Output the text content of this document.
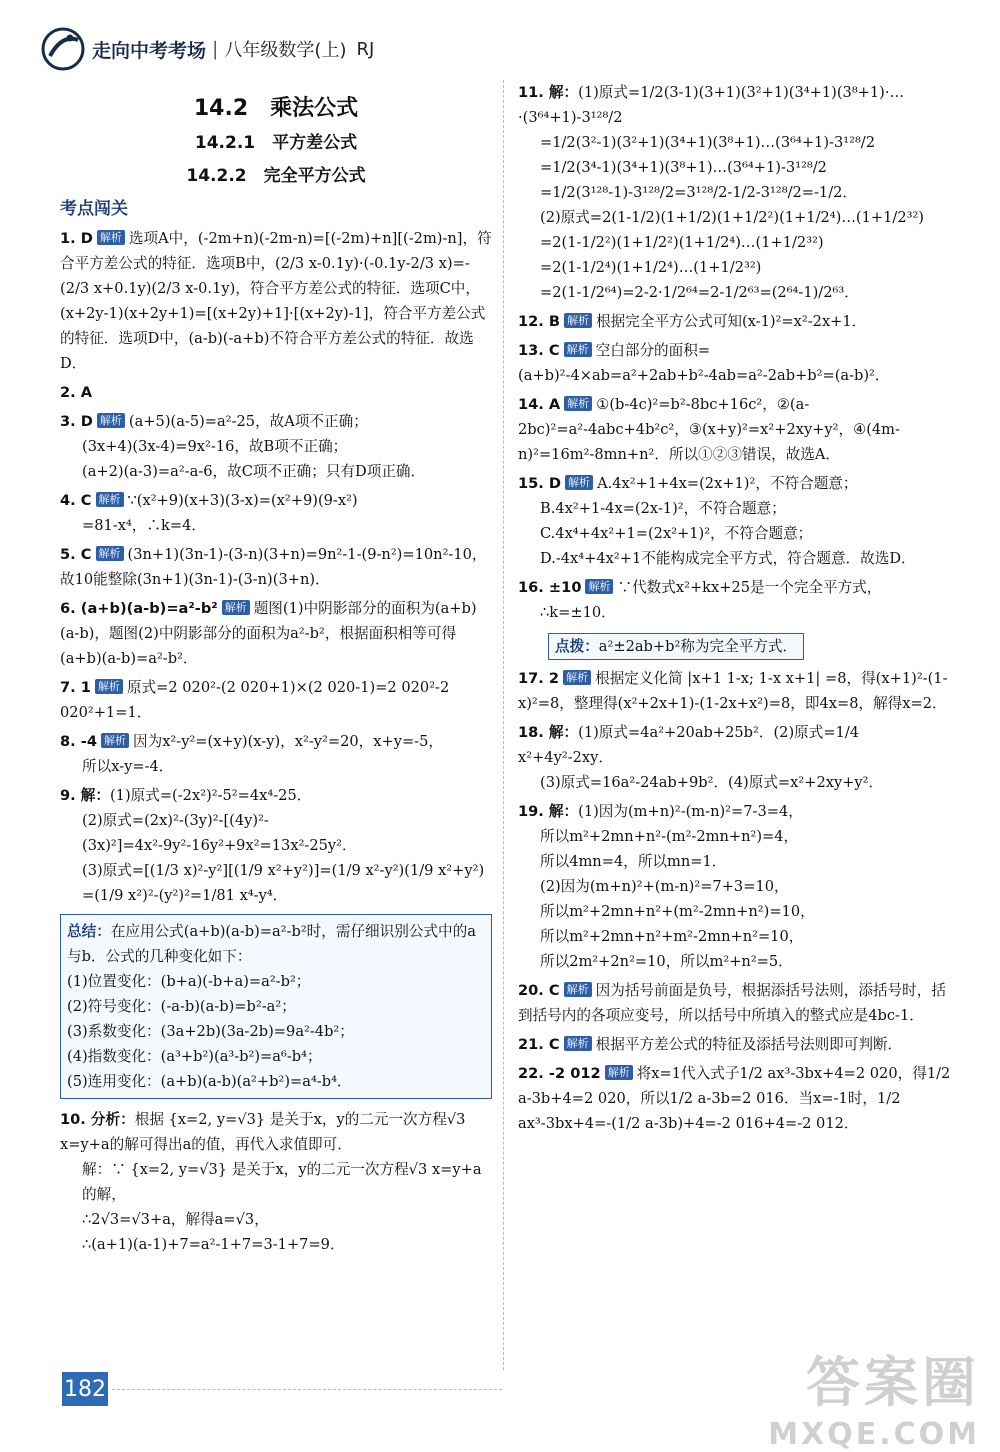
走向中考考场 | 八年级数学(上) RJ
14.2　乘法公式
14.2.1　平方差公式
14.2.2　完全平方公式
考点闯关
1. D 解析 选项A中，(-2m+n)(-2m-n)=[(-2m)+n][(-2m)-n]，符合平方差公式的特征．选项B中，(2/3 x-0.1y)·(-0.1y-2/3 x)=-(2/3 x+0.1y)(2/3 x-0.1y)，符合平方差公式的特征．选项C中，(x+2y-1)(x+2y+1)=[(x+2y)+1]·[(x+2y)-1]，符合平方差公式的特征．选项D中，(a-b)(-a+b)不符合平方差公式的特征．故选D．
2. A
3. D 解析 (a+5)(a-5)=a²-25，故A项不正确；
(3x+4)(3x-4)=9x²-16，故B项不正确；
(a+2)(a-3)=a²-a-6，故C项不正确；只有D项正确．
4. C 解析 ∵(x²+9)(x+3)(3-x)=(x²+9)(9-x²)
=81-x⁴，∴k=4．
5. C 解析 (3n+1)(3n-1)-(3-n)(3+n)=9n²-1-(9-n²)=10n²-10，故10能整除(3n+1)(3n-1)-(3-n)(3+n)．
6. (a+b)(a-b)=a²-b² 解析 题图(1)中阴影部分的面积为(a+b)(a-b)，题图(2)中阴影部分的面积为a²-b²，根据面积相等可得(a+b)(a-b)=a²-b²．
7. 1 解析 原式=2 020²-(2 020+1)×(2 020-1)=2 020²-2 020²+1=1．
8. -4 解析 因为x²-y²=(x+y)(x-y)，x²-y²=20，x+y=-5，
所以x-y=-4．
9. 解：(1)原式=(-2x²)²-5²=4x⁴-25．
(2)原式=(2x)²-(3y)²-[(4y)²-(3x)²]=4x²-9y²-16y²+9x²=13x²-25y²．
(3)原式=[(1/3 x)²-y²][(1/9 x²+y²)]=(1/9 x²-y²)(1/9 x²+y²)
=(1/9 x²)²-(y²)²=1/81 x⁴-y⁴．
总结：在应用公式(a+b)(a-b)=a²-b²时，需仔细识别公式中的a与b．公式的几种变化如下：
(1)位置变化：(b+a)(-b+a)=a²-b²；
(2)符号变化：(-a-b)(a-b)=b²-a²；
(3)系数变化：(3a+2b)(3a-2b)=9a²-4b²；
(4)指数变化：(a³+b²)(a³-b²)=a⁶-b⁴；
(5)连用变化：(a+b)(a-b)(a²+b²)=a⁴-b⁴．
10. 分析：根据 {x=2, y=√3} 是关于x，y的二元一次方程√3 x=y+a的解可得出a的值，再代入求值即可．
解：∵ {x=2, y=√3} 是关于x，y的二元一次方程√3 x=y+a的解，
∴2√3=√3+a，解得a=√3，
∴(a+1)(a-1)+7=a²-1+7=3-1+7=9．
11. 解：(1)原式=1/2(3-1)(3+1)(3²+1)(3⁴+1)(3⁸+1)·…·(3⁶⁴+1)-3¹²⁸/2
=1/2(3²-1)(3²+1)(3⁴+1)(3⁸+1)…(3⁶⁴+1)-3¹²⁸/2
=1/2(3⁴-1)(3⁴+1)(3⁸+1)…(3⁶⁴+1)-3¹²⁸/2
=1/2(3¹²⁸-1)-3¹²⁸/2=3¹²⁸/2-1/2-3¹²⁸/2=-1/2．
(2)原式=2(1-1/2)(1+1/2)(1+1/2²)(1+1/2⁴)…(1+1/2³²)
=2(1-1/2²)(1+1/2²)(1+1/2⁴)…(1+1/2³²)
=2(1-1/2⁴)(1+1/2⁴)…(1+1/2³²)
=2(1-1/2⁶⁴)=2-2·1/2⁶⁴=2-1/2⁶³=(2⁶⁴-1)/2⁶³．
12. B 解析 根据完全平方公式可知(x-1)²=x²-2x+1．
13. C 解析 空白部分的面积=(a+b)²-4×ab=a²+2ab+b²-4ab=a²-2ab+b²=(a-b)²．
14. A 解析 ①(b-4c)²=b²-8bc+16c²，②(a-2bc)²=a²-4abc+4b²c²，③(x+y)²=x²+2xy+y²，④(4m-n)²=16m²-8mn+n²．所以①②③错误，故选A．
15. D 解析 A.4x²+1+4x=(2x+1)²，不符合题意；
B.4x²+1-4x=(2x-1)²，不符合题意；
C.4x⁴+4x²+1=(2x²+1)²，不符合题意；
D.-4x⁴+4x²+1不能构成完全平方式，符合题意．故选D．
16. ±10 解析 ∵代数式x²+kx+25是一个完全平方式，
∴k=±10．
点拨：a²±2ab+b²称为完全平方式．
17. 2 解析 根据定义化简 |x+1 1-x; 1-x x+1| =8，得(x+1)²-(1-x)²=8，整理得(x²+2x+1)-(1-2x+x²)=8，即4x=8，解得x=2．
18. 解：(1)原式=4a²+20ab+25b²．(2)原式=1/4 x²+4y²-2xy．
(3)原式=16a²-24ab+9b²．(4)原式=x²+2xy+y²．
19. 解：(1)因为(m+n)²-(m-n)²=7-3=4，
所以m²+2mn+n²-(m²-2mn+n²)=4，
所以4mn=4，所以mn=1．
(2)因为(m+n)²+(m-n)²=7+3=10，
所以m²+2mn+n²+(m²-2mn+n²)=10，
所以m²+2mn+n²+m²-2mn+n²=10，
所以2m²+2n²=10，所以m²+n²=5．
20. C 解析 因为括号前面是负号，根据添括号法则，添括号时，括到括号内的各项应变号，所以括号中所填入的整式应是4bc-1．
21. C 解析 根据平方差公式的特征及添括号法则即可判断．
22. -2 012 解析 将x=1代入式子1/2 ax³-3bx+4=2 020，得1/2 a-3b+4=2 020，所以1/2 a-3b=2 016．当x=-1时，1/2 ax³-3bx+4=-(1/2 a-3b)+4=-2 016+4=-2 012．
182	答案圈
MXQE.COM
